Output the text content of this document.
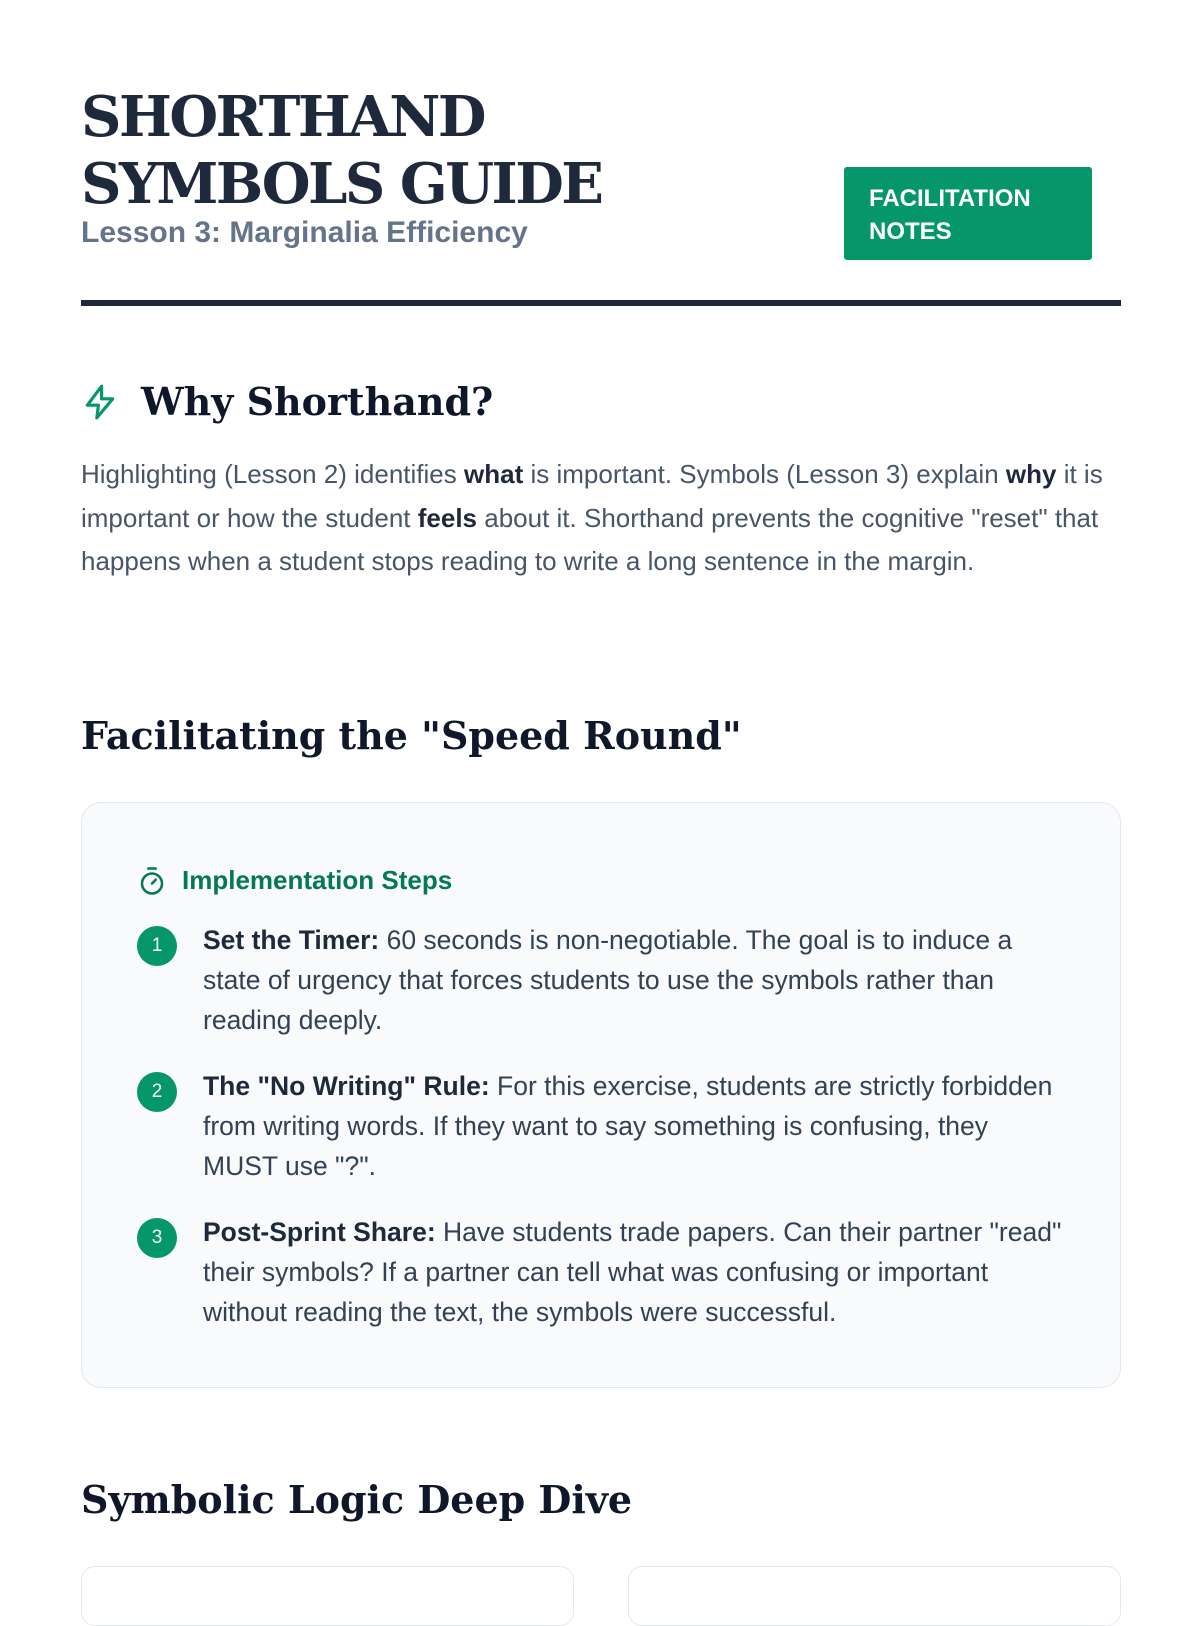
SHORTHAND SYMBOLS GUIDE
Lesson 3: Marginalia Efficiency
FACILITATION NOTES
Why Shorthand?

Highlighting (Lesson 2) identifies what is important. Symbols (Lesson 3) explain why it is important or how the student feels about it. Shorthand prevents the cognitive "reset" that happens when a student stops reading to write a long sentence in the margin.

Facilitating the "Speed Round"
Implementation Steps
1	Set the Timer: 60 seconds is non-negotiable. The goal is to induce a state of urgency that forces students to use the symbols rather than reading deeply.
2	The "No Writing" Rule: For this exercise, students are strictly forbidden from writing words. If they want to say something is confusing, they MUST use "?".
3	Post-Sprint Share: Have students trade papers. Can their partner "read" their symbols? If a partner can tell what was confusing or important without reading the text, the symbols were successful.
Symbolic Logic Deep Dive
